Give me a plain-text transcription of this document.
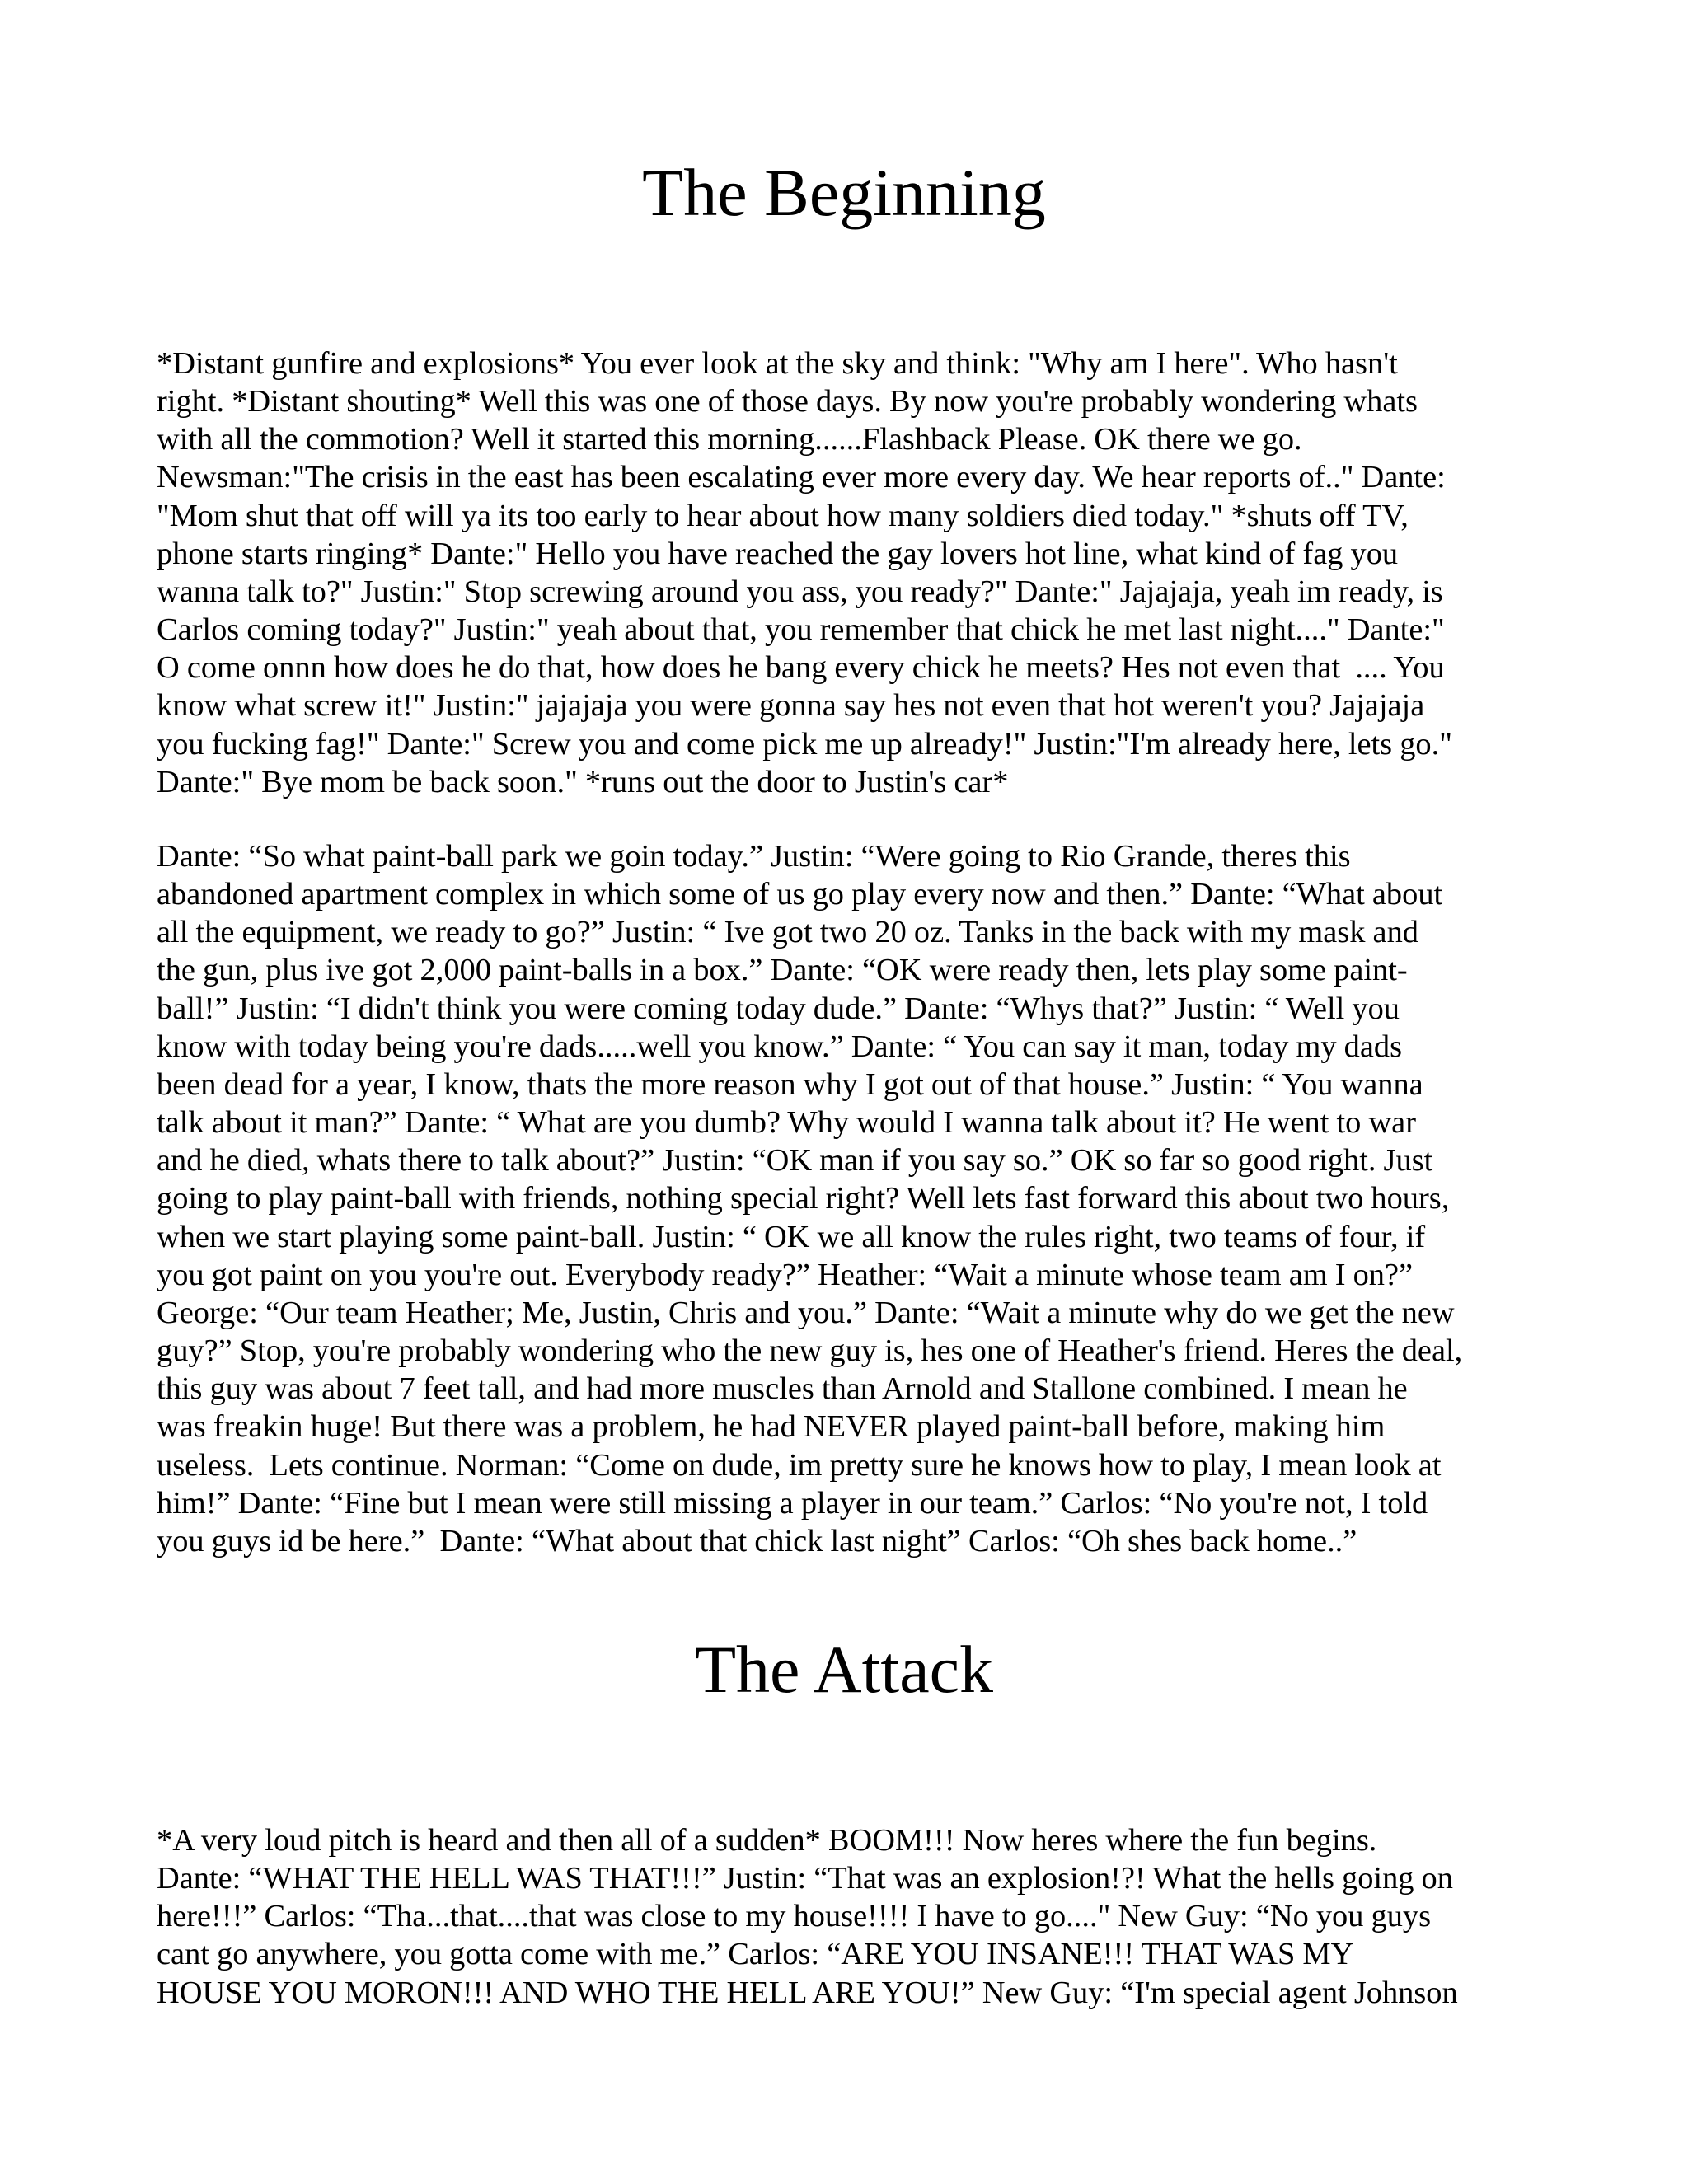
The Beginning

*Distant gunfire and explosions* You ever look at the sky and think: "Why am I here". Who hasn't
right. *Distant shouting* Well this was one of those days. By now you're probably wondering whats
with all the commotion? Well it started this morning......Flashback Please. OK there we go.
Newsman:"The crisis in the east has been escalating ever more every day. We hear reports of.." Dante:
"Mom shut that off will ya its too early to hear about how many soldiers died today." *shuts off TV,
phone starts ringing* Dante:" Hello you have reached the gay lovers hot line, what kind of fag you
wanna talk to?" Justin:" Stop screwing around you ass, you ready?" Dante:" Jajajaja, yeah im ready, is
Carlos coming today?" Justin:" yeah about that, you remember that chick he met last night...." Dante:"
O come onnn how does he do that, how does he bang every chick he meets? Hes not even that  .... You
know what screw it!" Justin:" jajajaja you were gonna say hes not even that hot weren't you? Jajajaja
you fucking fag!" Dante:" Screw you and come pick me up already!" Justin:"I'm already here, lets go."
Dante:" Bye mom be back soon." *runs out the door to Justin's car*

Dante: “So what paint-ball park we goin today.” Justin: “Were going to Rio Grande, theres this
abandoned apartment complex in which some of us go play every now and then.” Dante: “What about
all the equipment, we ready to go?” Justin: “ Ive got two 20 oz. Tanks in the back with my mask and
the gun, plus ive got 2,000 paint-balls in a box.” Dante: “OK were ready then, lets play some paint-
ball!” Justin: “I didn't think you were coming today dude.” Dante: “Whys that?” Justin: “ Well you
know with today being you're dads.....well you know.” Dante: “ You can say it man, today my dads
been dead for a year, I know, thats the more reason why I got out of that house.” Justin: “ You wanna
talk about it man?” Dante: “ What are you dumb? Why would I wanna talk about it? He went to war
and he died, whats there to talk about?” Justin: “OK man if you say so.” OK so far so good right. Just
going to play paint-ball with friends, nothing special right? Well lets fast forward this about two hours,
when we start playing some paint-ball. Justin: “ OK we all know the rules right, two teams of four, if
you got paint on you you're out. Everybody ready?” Heather: “Wait a minute whose team am I on?”
George: “Our team Heather; Me, Justin, Chris and you.” Dante: “Wait a minute why do we get the new
guy?” Stop, you're probably wondering who the new guy is, hes one of Heather's friend. Heres the deal,
this guy was about 7 feet tall, and had more muscles than Arnold and Stallone combined. I mean he
was freakin huge! But there was a problem, he had NEVER played paint-ball before, making him
useless.  Lets continue. Norman: “Come on dude, im pretty sure he knows how to play, I mean look at
him!” Dante: “Fine but I mean were still missing a player in our team.” Carlos: “No you're not, I told
you guys id be here.”  Dante: “What about that chick last night” Carlos: “Oh shes back home..”

The Attack

*A very loud pitch is heard and then all of a sudden* BOOM!!! Now heres where the fun begins.
Dante: “WHAT THE HELL WAS THAT!!!” Justin: “That was an explosion!?! What the hells going on
here!!!” Carlos: “Tha...that....that was close to my house!!!! I have to go...." New Guy: “No you guys
cant go anywhere, you gotta come with me.” Carlos: “ARE YOU INSANE!!! THAT WAS MY
HOUSE YOU MORON!!! AND WHO THE HELL ARE YOU!” New Guy: “I'm special agent Johnson
